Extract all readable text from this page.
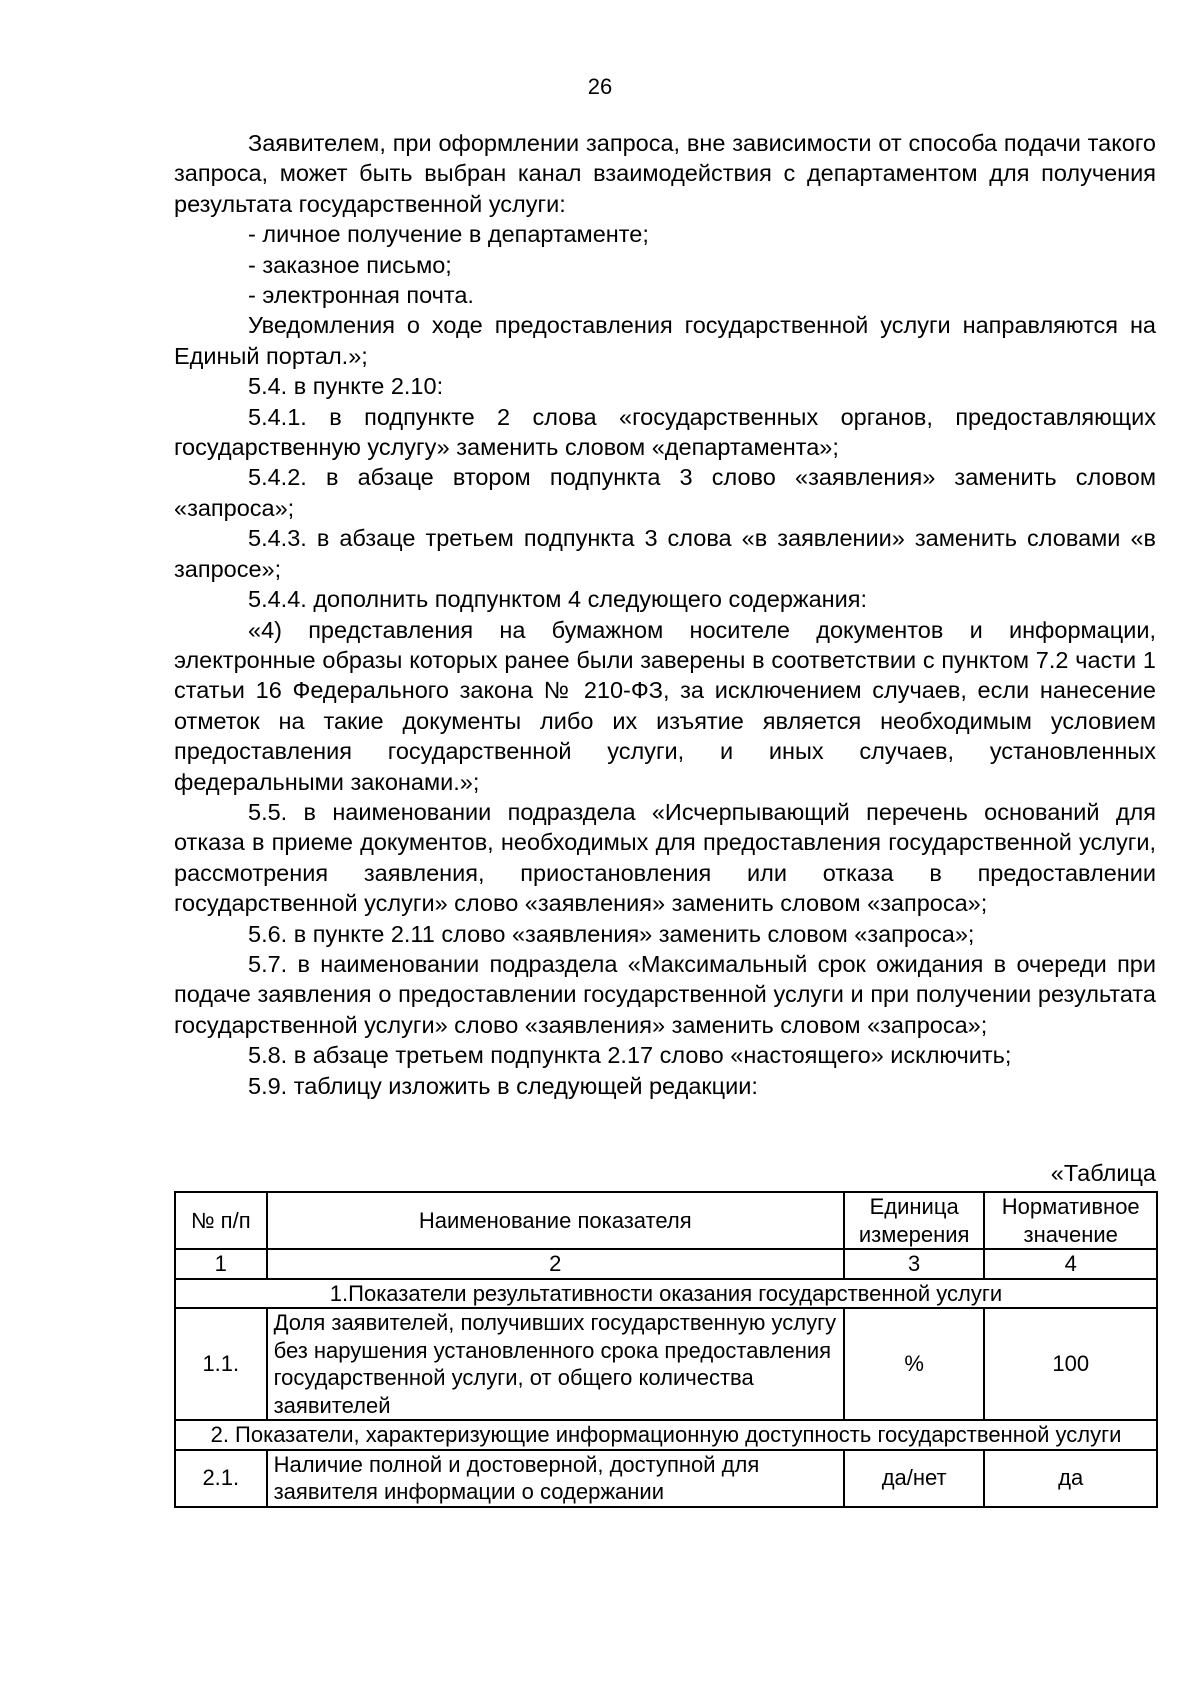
26

Заявителем, при оформлении запроса, вне зависимости от способа подачи такого запроса, может быть выбран канал взаимодействия с департаментом для получения результата государственной услуги:

- личное получение в департаменте;

- заказное письмо;

- электронная почта.

Уведомления о ходе предоставления государственной услуги направляются на Единый портал.»;

5.4. в пункте 2.10:

5.4.1. в подпункте 2 слова «государственных органов, предоставляющих государственную услугу» заменить словом «департамента»;

5.4.2. в абзаце втором подпункта 3 слово «заявления» заменить словом «запроса»;

5.4.3. в абзаце третьем подпункта 3 слова «в заявлении» заменить словами «в запросе»;

5.4.4. дополнить подпунктом 4 следующего содержания:

«4) представления на бумажном носителе документов и информации, электронные образы которых ранее были заверены в соответствии с пунктом 7.2 части 1 статьи 16 Федерального закона № 210-ФЗ, за исключением случаев, если нанесение отметок на такие документы либо их изъятие является необходимым условием предоставления государственной услуги, и иных случаев, установленных федеральными законами.»;

5.5. в наименовании подраздела «Исчерпывающий перечень оснований для отказа в приеме документов, необходимых для предоставления государственной услуги, рассмотрения заявления, приостановления или отказа в предоставлении государственной услуги» слово «заявления» заменить словом «запроса»;

5.6. в пункте 2.11 слово «заявления» заменить словом «запроса»;

5.7. в наименовании подраздела «Максимальный срок ожидания в очереди при подаче заявления о предоставлении государственной услуги и при получении результата государственной услуги» слово «заявления» заменить словом «запроса»;

5.8. в абзаце третьем подпункта 2.17 слово «настоящего» исключить;

5.9. таблицу изложить в следующей редакции:

«Таблица
№ п/п	Наименование показателя	Единица измерения	Нормативное значение
1	2	3	4
1.Показатели результативности оказания государственной услуги			
1.1.	Доля заявителей, получивших государственную услугу без нарушения установленного срока предоставления государственной услуги, от общего количества заявителей	%	100
2. Показатели, характеризующие информационную доступность государственной услуги			
2.1.	Наличие полной и достоверной, доступной для заявителя информации о содержании	да/нет	да
